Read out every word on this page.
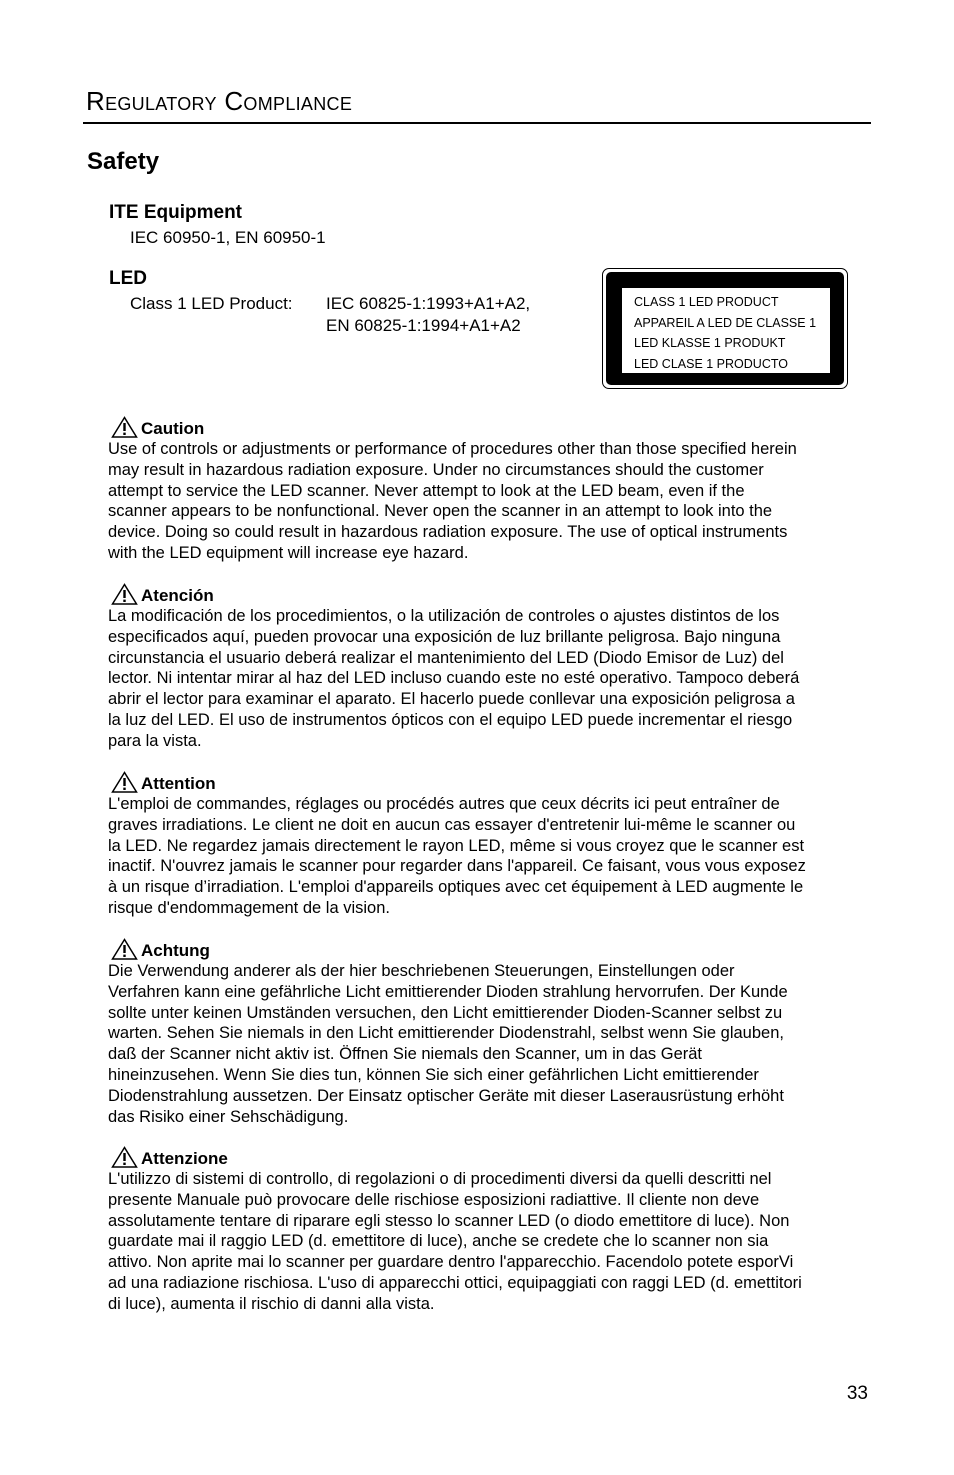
Regulatory Compliance
Safety
ITE Equipment
IEC 60950-1, EN 60950-1
LED
Class 1 LED Product: IEC 60825-1:1993+A1+A2,
EN 60825-1:1994+A1+A2
CLASS 1 LED PRODUCT
APPAREIL A LED DE CLASSE 1
LED KLASSE 1 PRODUKT
LED CLASE 1 PRODUCTO
Caution
Use of controls or adjustments or performance of procedures other than those specified herein
may result in hazardous radiation exposure. Under no circumstances should the customer
attempt to service the LED scanner. Never attempt to look at the LED beam, even if the
scanner appears to be nonfunctional. Never open the scanner in an attempt to look into the
device. Doing so could result in hazardous radiation exposure. The use of optical instruments
with the LED equipment will increase eye hazard.
Atención
La modificación de los procedimientos, o la utilización de controles o ajustes distintos de los
especificados aquí, pueden provocar una exposición de luz brillante peligrosa. Bajo ninguna
circunstancia el usuario deberá realizar el mantenimiento del LED (Diodo Emisor de Luz) del
lector. Ni intentar mirar al haz del LED incluso cuando este no esté operativo. Tampoco deberá
abrir el lector para examinar el aparato. El hacerlo puede conllevar una exposición peligrosa a
la luz del LED. El uso de instrumentos ópticos con el equipo LED puede incrementar el riesgo
para la vista.
Attention
L'emploi de commandes, réglages ou procédés autres que ceux décrits ici peut entraîner de
graves irradiations. Le client ne doit en aucun cas essayer d'entretenir lui-même le scanner ou
la LED. Ne regardez jamais directement le rayon LED, même si vous croyez que le scanner est
inactif. N'ouvrez jamais le scanner pour regarder dans l'appareil. Ce faisant, vous vous exposez
à un risque d’irradiation. L'emploi d'appareils optiques avec cet équipement à LED augmente le
risque d'endommagement de la vision.
Achtung
Die Verwendung anderer als der hier beschriebenen Steuerungen, Einstellungen oder
Verfahren kann eine gefährliche Licht emittierender Dioden strahlung hervorrufen. Der Kunde
sollte unter keinen Umständen versuchen, den Licht emittierender Dioden-Scanner selbst zu
warten. Sehen Sie niemals in den Licht emittierender Diodenstrahl, selbst wenn Sie glauben,
daß der Scanner nicht aktiv ist. Öffnen Sie niemals den Scanner, um in das Gerät
hineinzusehen. Wenn Sie dies tun, können Sie sich einer gefährlichen Licht emittierender
Diodenstrahlung aussetzen. Der Einsatz optischer Geräte mit dieser Laserausrüstung erhöht
das Risiko einer Sehschädigung.
Attenzione
L'utilizzo di sistemi di controllo, di regolazioni o di procedimenti diversi da quelli descritti nel
presente Manuale può provocare delle rischiose esposizioni radiattive. Il cliente non deve
assolutamente tentare di riparare egli stesso lo scanner LED (o diodo emettitore di luce). Non
guardate mai il raggio LED (d. emettitore di luce), anche se credete che lo scanner non sia
attivo. Non aprite mai lo scanner per guardare dentro l'apparecchio. Facendolo potete esporVi
ad una radiazione rischiosa. L'uso di apparecchi ottici, equipaggiati con raggi LED (d. emettitori
di luce), aumenta il rischio di danni alla vista.
33
